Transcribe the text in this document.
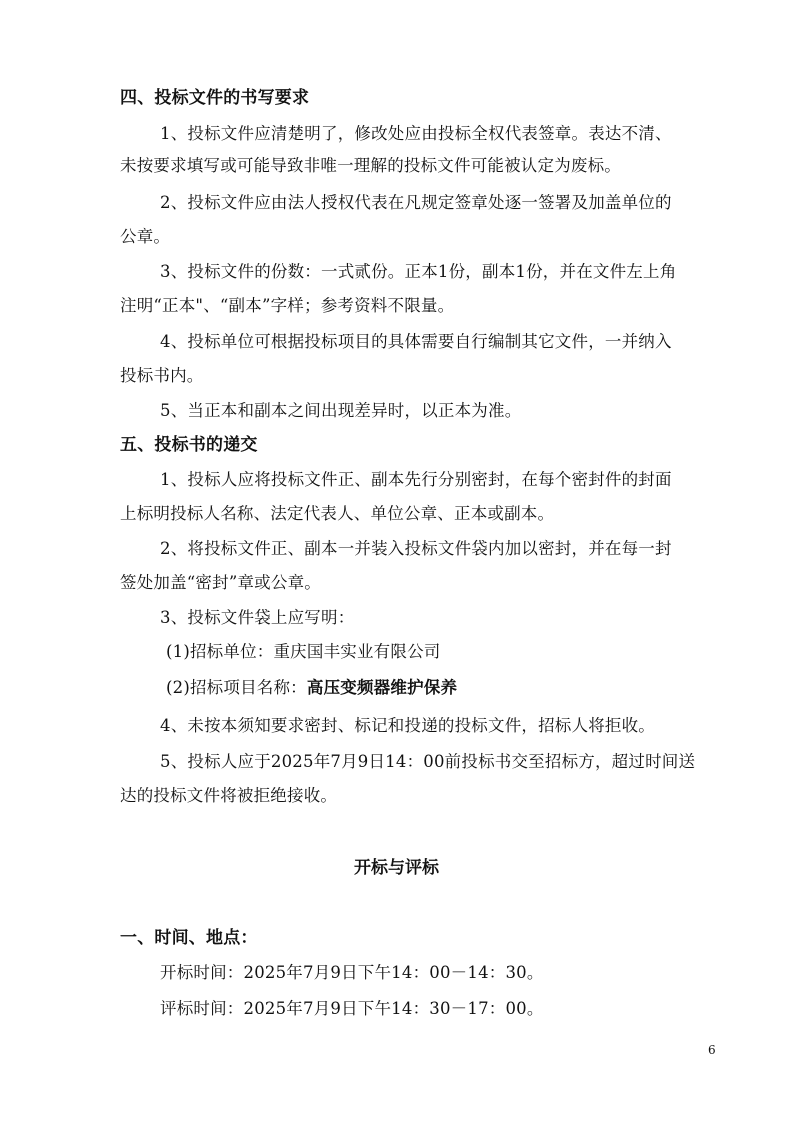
四、投标文件的书写要求
1、投标文件应清楚明了，修改处应由投标全权代表签章。表达不清、
未按要求填写或可能导致非唯一理解的投标文件可能被认定为废标。
2、投标文件应由法人授权代表在凡规定签章处逐一签署及加盖单位的
公章。
3、投标文件的份数：一式贰份。正本1份，副本1份，并在文件左上角
注明“正本"、“副本”字样；参考资料不限量。
4、投标单位可根据投标项目的具体需要自行编制其它文件，一并纳入
投标书内。
5、当正本和副本之间出现差异时，以正本为准。
五、投标书的递交
1、投标人应将投标文件正、副本先行分别密封，在每个密封件的封面
上标明投标人名称、法定代表人、单位公章、正本或副本。
2、将投标文件正、副本一并装入投标文件袋内加以密封，并在每一封
签处加盖“密封”章或公章。
3、投标文件袋上应写明：
(1)招标单位：重庆国丰实业有限公司
(2)招标项目名称：高压变频器维护保养
4、未按本须知要求密封、标记和投递的投标文件，招标人将拒收。
5、投标人应于2025年7月9日14：00前投标书交至招标方，超过时间送
达的投标文件将被拒绝接收。
开标与评标
一、时间、地点：
开标时间：2025年7月9日下午14：00－14：30。
评标时间：2025年7月9日下午14：30－17：00。
6
